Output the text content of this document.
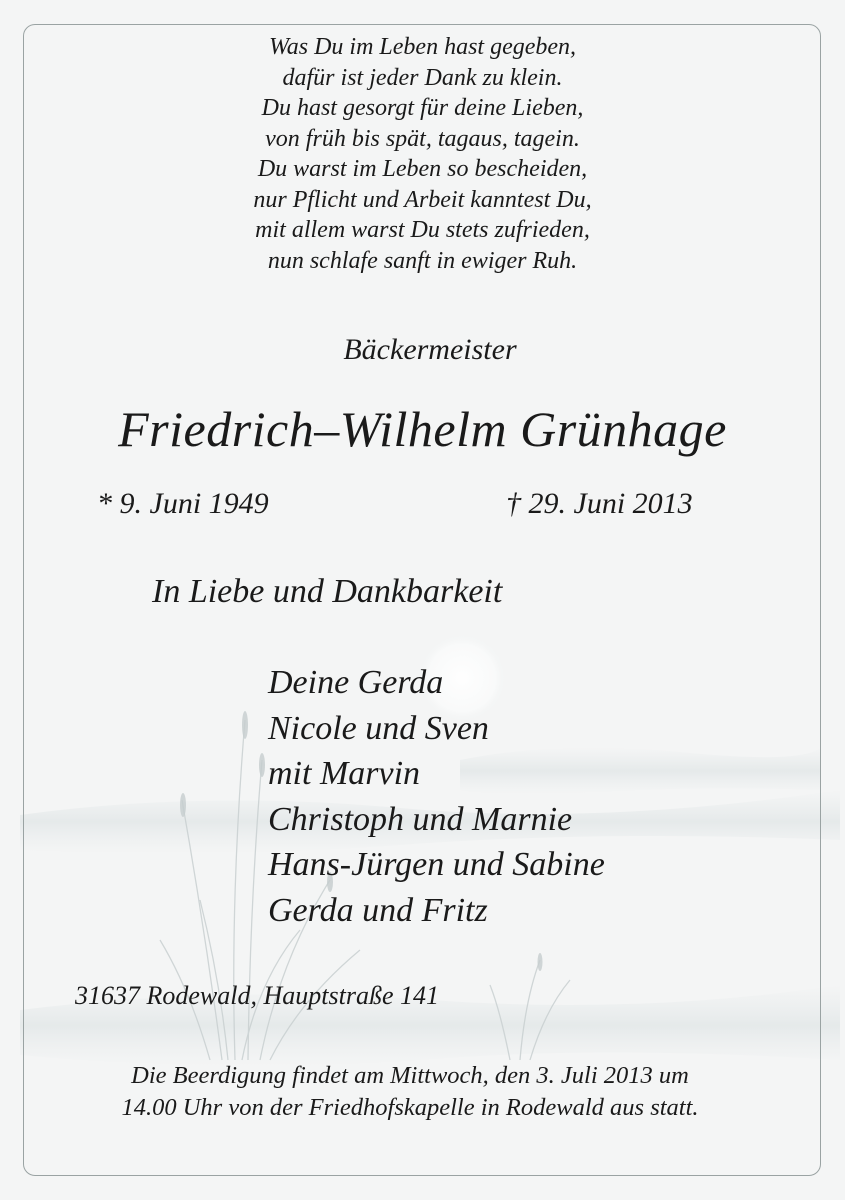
Was Du im Leben hast gegeben,
dafür ist jeder Dank zu klein.
Du hast gesorgt für deine Lieben,
von früh bis spät, tagaus, tagein.
Du warst im Leben so bescheiden,
nur Pflicht und Arbeit kanntest Du,
mit allem warst Du stets zufrieden,
nun schlafe sanft in ewiger Ruh.
Bäckermeister
Friedrich–Wilhelm Grünhage
* 9. Juni 1949	† 29. Juni 2013
In Liebe und Dankbarkeit
Deine Gerda
Nicole und Sven
mit Marvin
Christoph und Marnie
Hans-Jürgen und Sabine
Gerda und Fritz
31637 Rodewald, Hauptstraße 141
Die Beerdigung findet am Mittwoch, den 3. Juli 2013 um
14.00 Uhr von der Friedhofskapelle in Rodewald aus statt.
